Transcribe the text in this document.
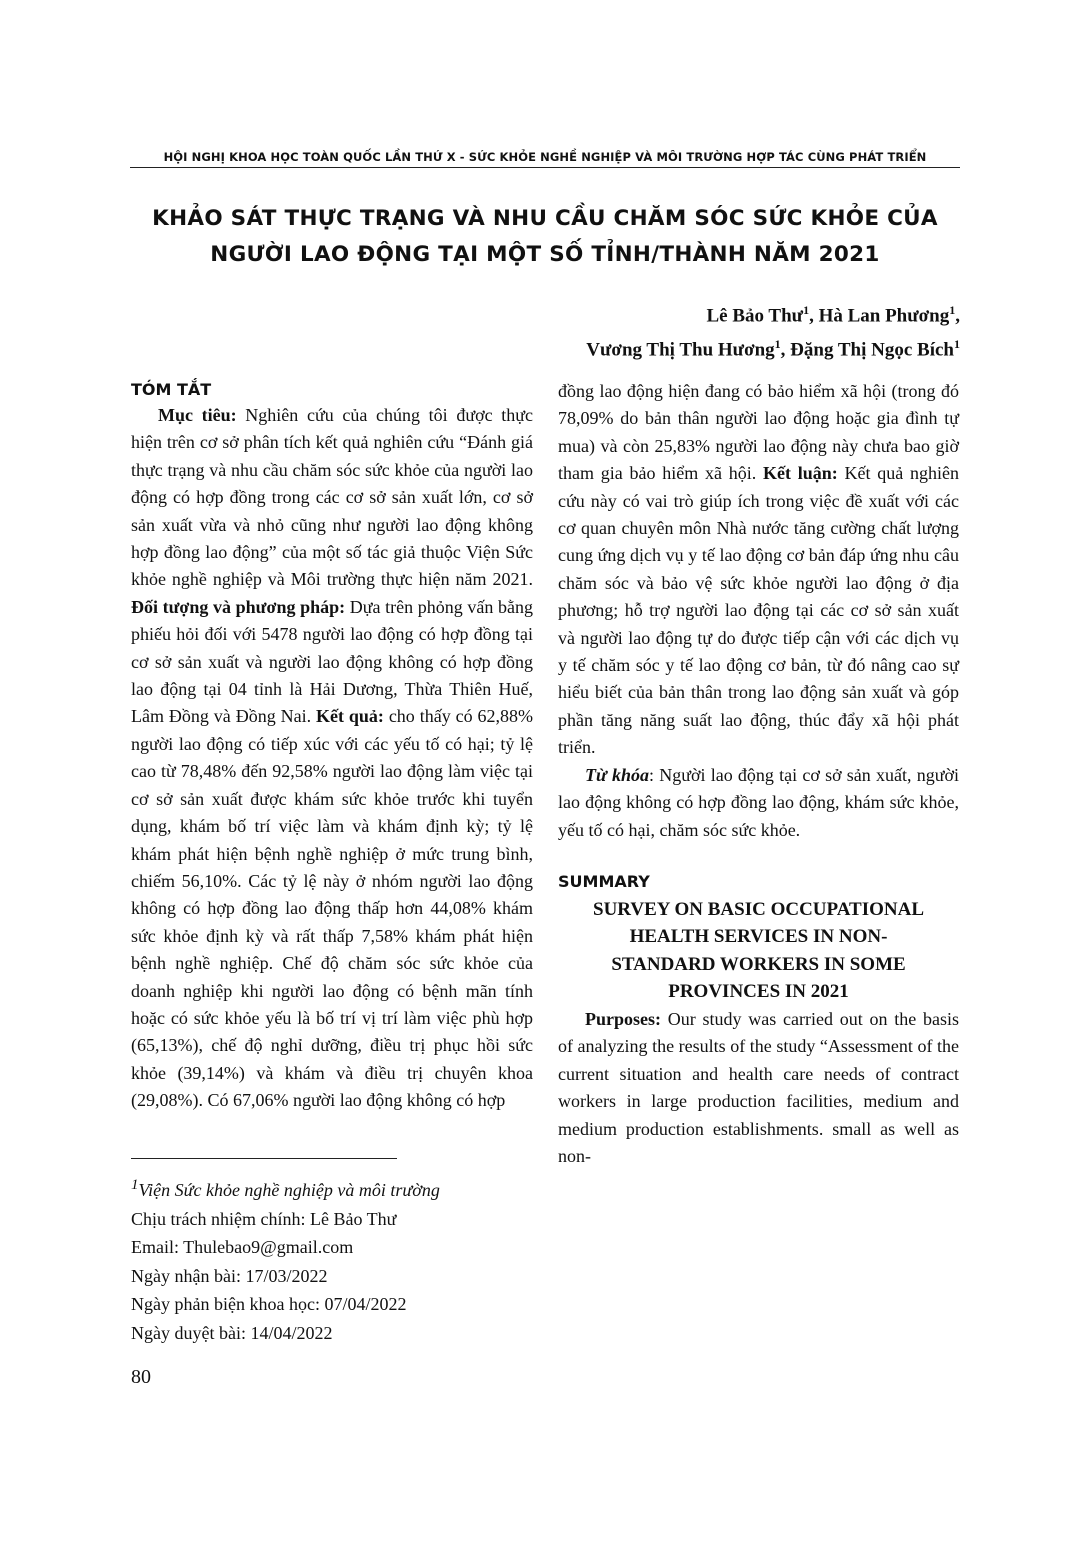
HỘI NGHỊ KHOA HỌC TOÀN QUỐC LẦN THỨ X - SỨC KHỎE NGHỀ NGHIỆP VÀ MÔI TRƯỜNG HỢP TÁC CÙNG PHÁT TRIỂN
KHẢO SÁT THỰC TRẠNG VÀ NHU CẦU CHĂM SÓC SỨC KHỎE CỦA
NGƯỜI LAO ĐỘNG TẠI MỘT SỐ TỈNH/THÀNH NĂM 2021
Lê Bảo Thư$^1$, Hà Lan Phương$^1$,
Vương Thị Thu Hương$^1$, Đặng Thị Ngọc Bích$^1$
TÓM TẮT

Mục tiêu: Nghiên cứu của chúng tôi được thực hiện trên cơ sở phân tích kết quả nghiên cứu “Đánh giá thực trạng và nhu cầu chăm sóc sức khỏe của người lao động có hợp đồng trong các cơ sở sản xuất lớn, cơ sở sản xuất vừa và nhỏ cũng như người lao động không hợp đồng lao động” của một số tác giả thuộc Viện Sức khỏe nghề nghiệp và Môi trường thực hiện năm 2021. Đối tượng và phương pháp: Dựa trên phỏng vấn bằng phiếu hỏi đối với 5478 người lao động có hợp đồng tại cơ sở sản xuất và người lao động không có hợp đồng lao động tại 04 tỉnh là Hải Dương, Thừa Thiên Huế, Lâm Đồng và Đồng Nai. Kết quả: cho thấy có 62,88% người lao động có tiếp xúc với các yếu tố có hại; tỷ lệ cao từ 78,48% đến 92,58% người lao động làm việc tại cơ sở sản xuất được khám sức khỏe trước khi tuyển dụng, khám bố trí việc làm và khám định kỳ; tỷ lệ khám phát hiện bệnh nghề nghiệp ở mức trung bình, chiếm 56,10%. Các tỷ lệ này ở nhóm người lao động không có hợp đồng lao động thấp hơn 44,08% khám sức khỏe định kỳ và rất thấp 7,58% khám phát hiện bệnh nghề nghiệp. Chế độ chăm sóc sức khỏe của doanh nghiệp khi người lao động có bệnh mãn tính hoặc có sức khỏe yếu là bố trí vị trí làm việc phù hợp (65,13%), chế độ nghỉ dưỡng, điều trị phục hồi sức khỏe (39,14%) và khám và điều trị chuyên khoa (29,08%). Có 67,06% người lao động không có hợp

đồng lao động hiện đang có bảo hiểm xã hội (trong đó 78,09% do bản thân người lao động hoặc gia đình tự mua) và còn 25,83% người lao động này chưa bao giờ tham gia bảo hiểm xã hội. Kết luận: Kết quả nghiên cứu này có vai trò giúp ích trong việc đề xuất với các cơ quan chuyên môn Nhà nước tăng cường chất lượng cung ứng dịch vụ y tế lao động cơ bản đáp ứng nhu câu chăm sóc và bảo vệ sức khỏe người lao động ở địa phương; hỗ trợ người lao động tại các cơ sở sản xuất và người lao động tự do được tiếp cận với các dịch vụ y tế chăm sóc y tế lao động cơ bản, từ đó nâng cao sự hiểu biết của bản thân trong lao động sản xuất và góp phần tăng năng suất lao động, thúc đẩy xã hội phát triển.

Từ khóa: Người lao động tại cơ sở sản xuất, người lao động không có hợp đồng lao động, khám sức khỏe, yếu tố có hại, chăm sóc sức khỏe.

SUMMARY

SURVEY ON BASIC OCCUPATIONAL

HEALTH SERVICES IN NON-

STANDARD WORKERS IN SOME

PROVINCES IN 2021

Purposes: Our study was carried out on the basis of analyzing the results of the study “Assessment of the current situation and health care needs of contract workers in large production facilities, medium and medium production establishments. small as well as non-

$^1$Viện Sức khỏe nghề nghiệp và môi trường
Chịu trách nhiệm chính: Lê Bảo Thư
Email: Thulebao9@gmail.com
Ngày nhận bài: 17/03/2022
Ngày phản biện khoa học: 07/04/2022
Ngày duyệt bài: 14/04/2022
80
